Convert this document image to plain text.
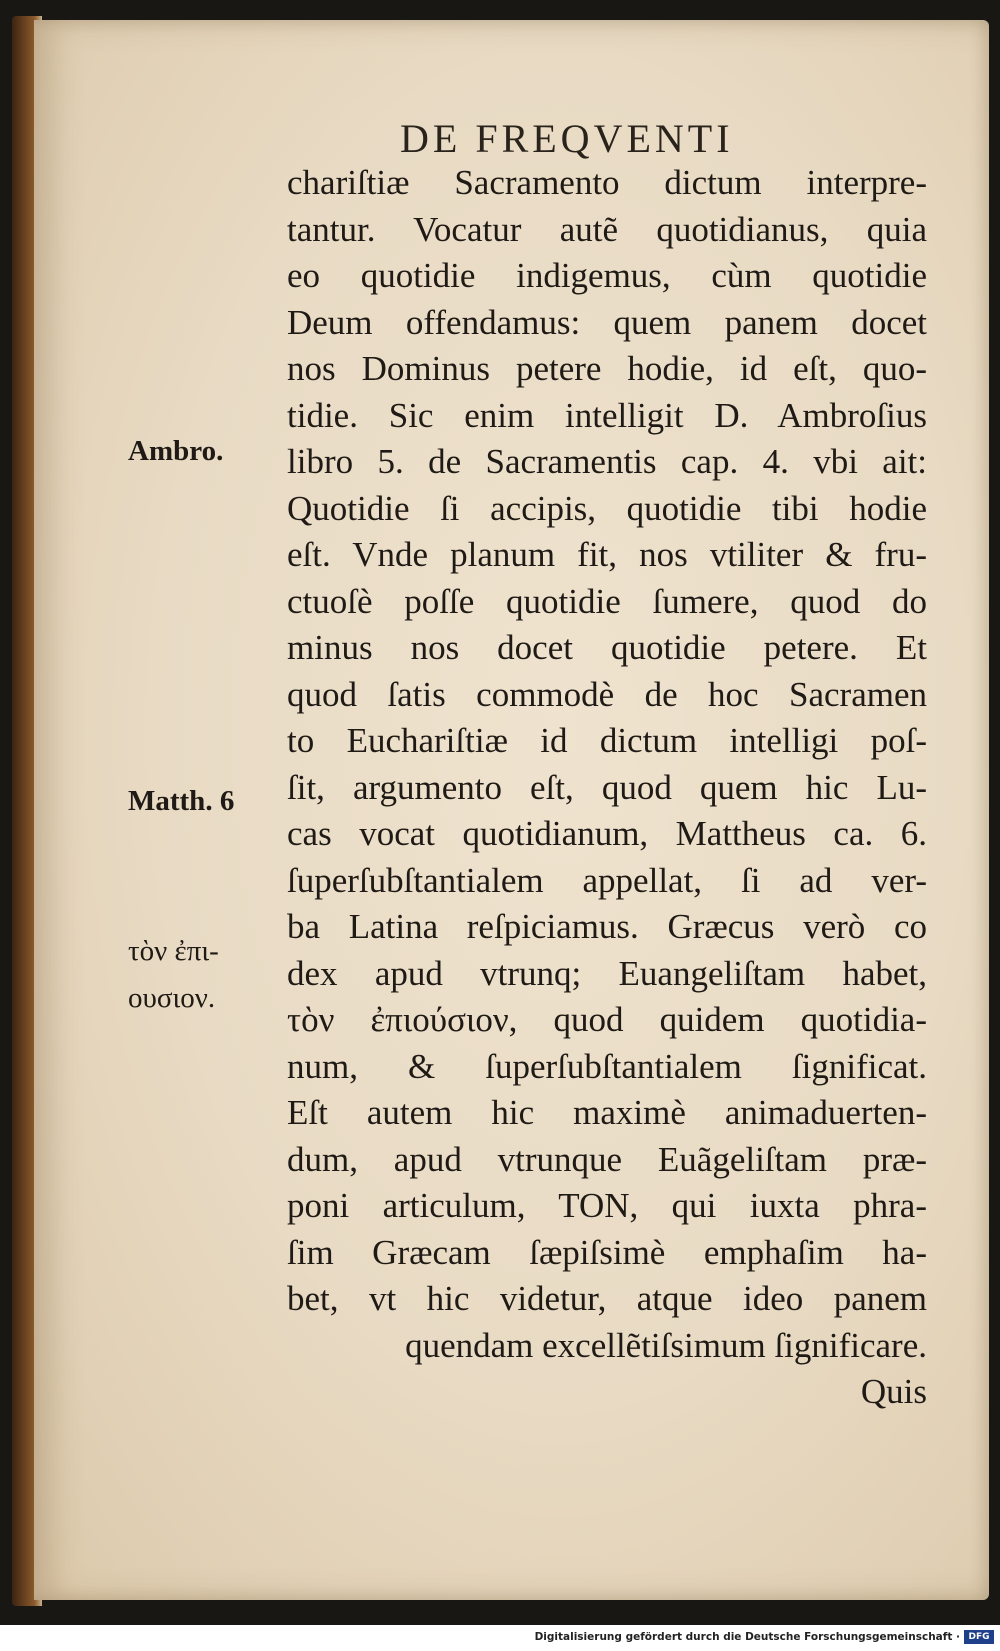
DE FREQVENTI
chariſtiæ Sacramento dictum interpre-
tantur. Vocatur autẽ quotidianus, quia
eo quotidie indigemus, cùm quotidie
Deum offendamus: quem panem docet
nos Dominus petere hodie, id eſt, quo-
tidie. Sic enim intelligit D. Ambroſius
libro 5. de Sacramentis cap. 4. vbi ait:
Quotidie ſi accipis, quotidie tibi hodie
eſt. Vnde planum fit, nos vtiliter & fru-
ctuoſè poſſe quotidie ſumere, quod do
minus nos docet quotidie petere. Et
quod ſatis commodè de hoc Sacramen
to Euchariſtiæ id dictum intelligi poſ-
ſit, argumento eſt, quod quem hic Lu-
cas vocat quotidianum, Mattheus ca. 6.
ſuperſubſtantialem appellat, ſi ad ver-
ba Latina reſpiciamus. Græcus verò co
dex apud vtrunq; Euangeliſtam habet,
τὸν ἐπιούσιον, quod quidem quotidia-
num, & ſuperſubſtantialem ſignificat.
Eſt autem hic maximè animaduerten-
dum, apud vtrunque Euãgeliſtam præ-
poni articulum, TON, qui iuxta phra-
ſim Græcam ſæpiſsimè emphaſim ha-
bet, vt hic videtur, atque ideo panem
quendam excellẽtiſsimum ſignificare.
Quis
Ambro.
Matth. 6
τὸν ἐπι-
ουσιον.
Digitalisierung gefördert durch die Deutsche Forschungsgemeinschaft · DFG
